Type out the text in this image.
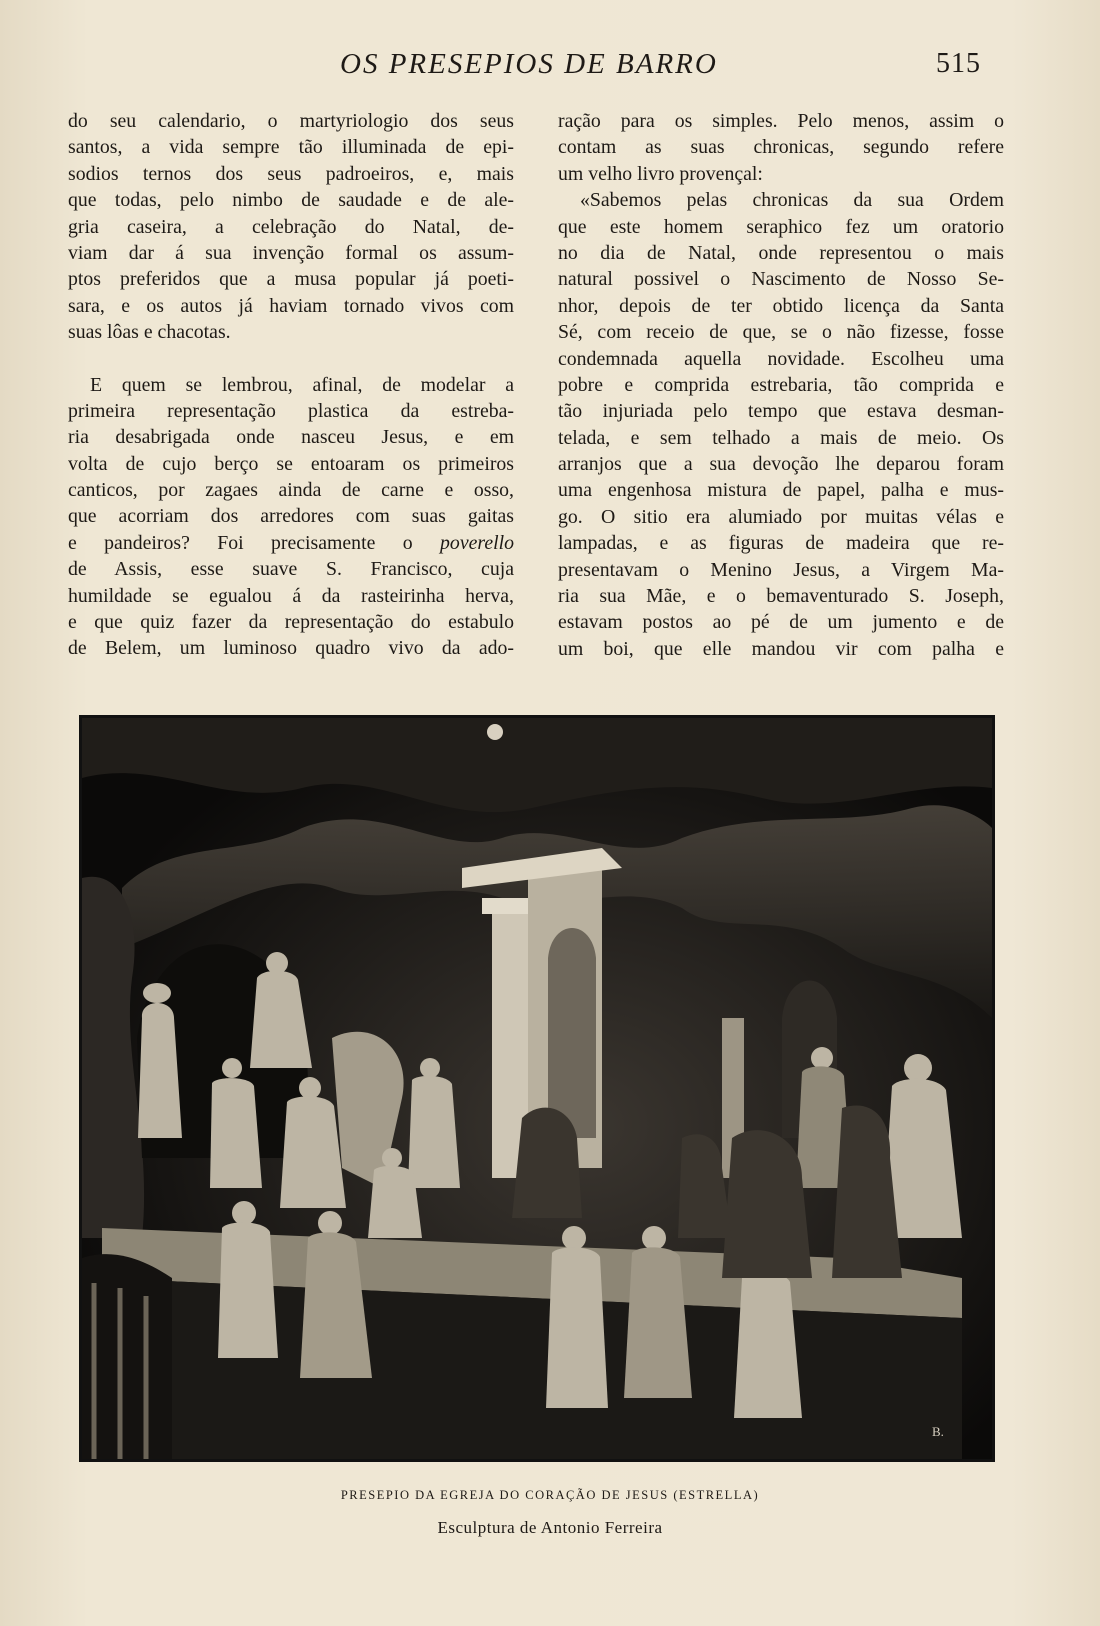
OS PRESEPIOS DE BARRO	515
do seu calendario, o martyriologio dos seus
santos, a vida sempre tão illuminada de epi-
sodios ternos dos seus padroeiros, e, mais
que todas, pelo nimbo de saudade e de ale-
gria caseira, a celebração do Natal, de-
viam dar á sua invenção formal os assum-
ptos preferidos que a musa popular já poeti-
sara, e os autos já haviam tornado vivos com
suas lôas e chacotas.
E quem se lembrou, afinal, de modelar a
primeira representação plastica da estreba-
ria desabrigada onde nasceu Jesus, e em
volta de cujo berço se entoaram os primeiros
canticos, por zagaes ainda de carne e osso,
que acorriam dos arredores com suas gaitas
e pandeiros? Foi precisamente o poverello
de Assis, esse suave S. Francisco, cuja
humildade se egualou á da rasteirinha herva,
e que quiz fazer da representação do estabulo
de Belem, um luminoso quadro vivo da ado-
ração para os simples. Pelo menos, assim o
contam as suas chronicas, segundo refere
um velho livro provençal:
«Sabemos pelas chronicas da sua Ordem
que este homem seraphico fez um oratorio
no dia de Natal, onde representou o mais
natural possivel o Nascimento de Nosso Se-
nhor, depois de ter obtido licença da Santa
Sé, com receio de que, se o não fizesse, fosse
condemnada aquella novidade. Escolheu uma
pobre e comprida estrebaria, tão comprida e
tão injuriada pelo tempo que estava desman-
telada, e sem telhado a mais de meio. Os
arranjos que a sua devoção lhe deparou foram
uma engenhosa mistura de papel, palha e mus-
go. O sitio era alumiado por muitas vélas e
lampadas, e as figuras de madeira que re-
presentavam o Menino Jesus, a Virgem Ma-
ria sua Mãe, e o bemaventurado S. Joseph,
estavam postos ao pé de um jumento e de
um boi, que elle mandou vir com palha e
B.
PRESEPIO DA EGREJA DO CORAÇÃO DE JESUS (ESTRELLA)
Esculptura de Antonio Ferreira
